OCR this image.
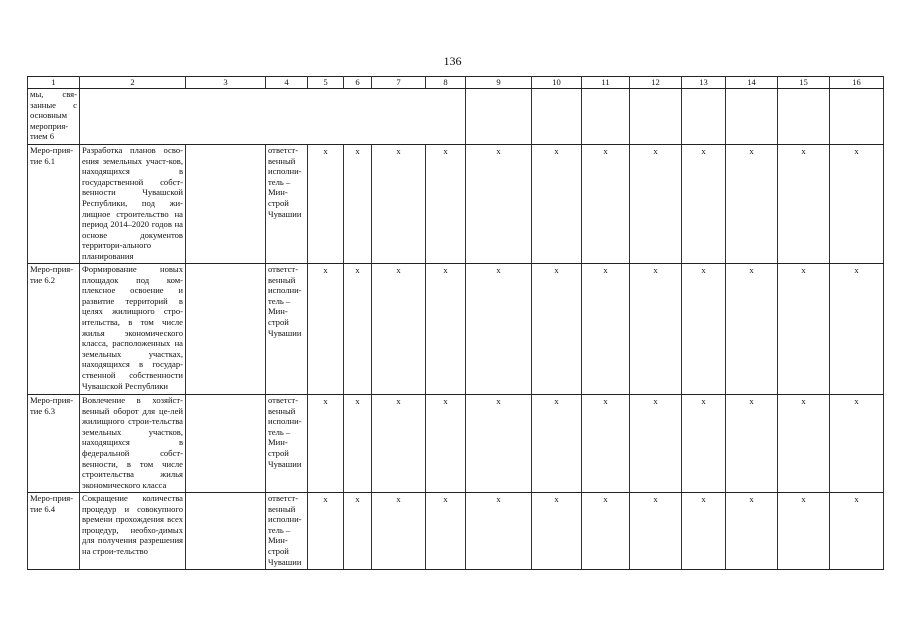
136
1	2	3	4	5	6	7	8	9	10	11	12	13	14	15	16
мы, свя-занные с основным мероприя-тием 6															
Меро-прия-тие 6.1	Разработка планов осво-ения земельных участ-ков, находящихся в государственной собст-венности Чувашской Республики, под жи-лищное строительство на период 2014–2020 годов на основе документов территори-ального планирования		ответст-венный исполни-тель – Мин-строй Чувашии	х	х	х	х	х	х	х	х	х	х	х	х
Меро-прия-тие 6.2	Формирование новых площадок под ком-плексное освоение и развитие территорий в целях жилищного стро-ительства, в том числе жилья экономического класса, расположенных на земельных участках, находящихся в государ-ственной собственности Чувашской Республики		ответст-венный исполни-тель – Мин-строй Чувашии	х	х	х	х	х	х	х	х	х	х	х	х
Меро-прия-тие 6.3	Вовлечение в хозяйст-венный оборот для це-лей жилищного строи-тельства земельных участков, находящихся в федеральной собст-венности, в том числе строительства жилья экономического класса		ответст-венный исполни-тель – Мин-строй Чувашии	х	х	х	х	х	х	х	х	х	х	х	х
Меро-прия-тие 6.4	Сокращение количества процедур и совокупного времени прохождения всех процедур, необхо-димых для получения разрешения на строи-тельство		ответст-венный исполни-тель – Мин-строй Чувашии	х	х	х	х	х	х	х	х	х	х	х	х
